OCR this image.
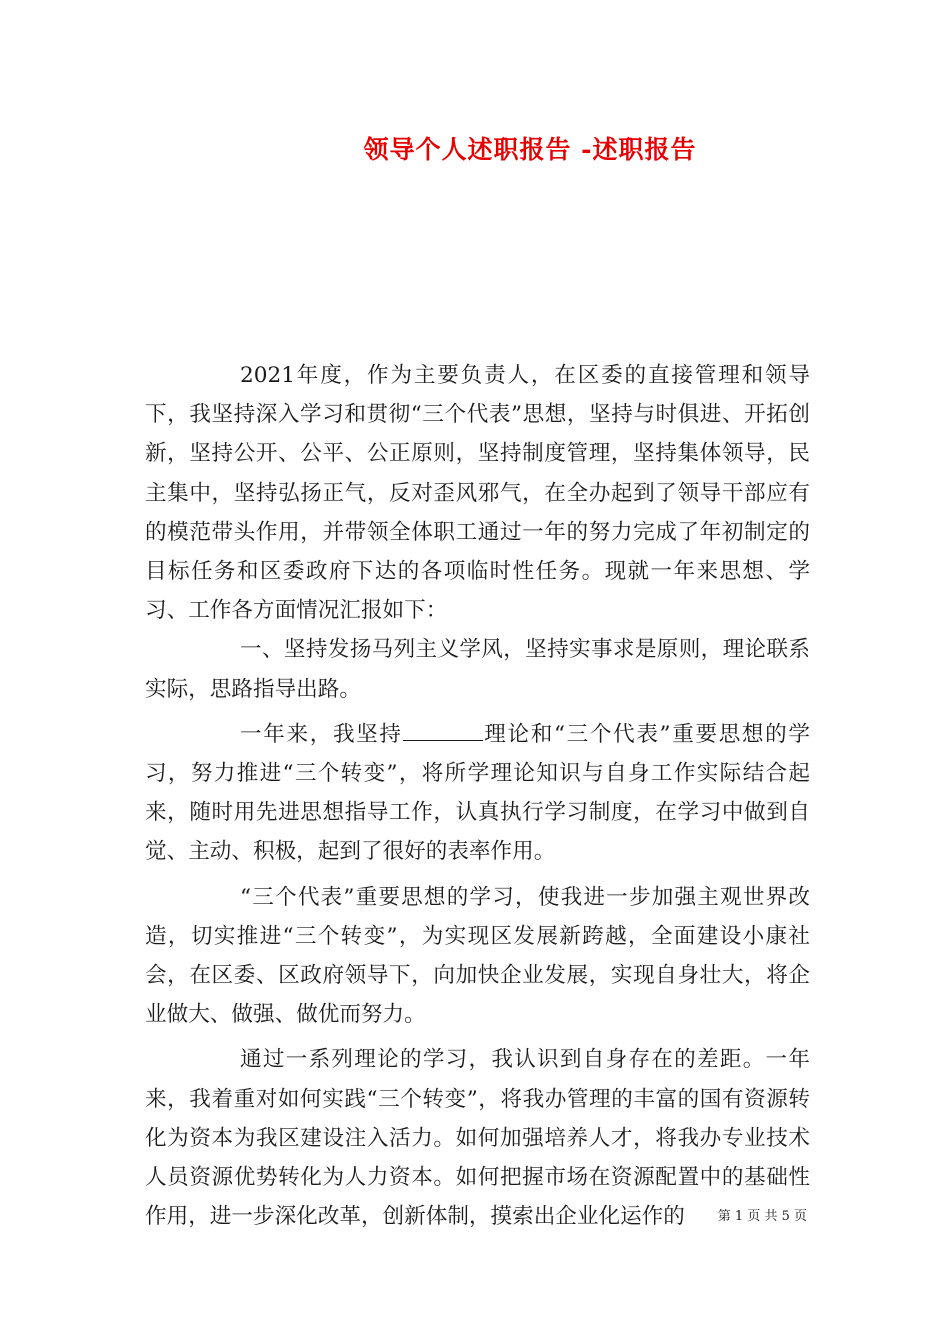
领导个人述职报告 -述职报告

2021年度，作为主要负责人，在区委的直接管理和领导下，我坚持深入学习和贯彻“三个代表”思想，坚持与时俱进、开拓创新，坚持公开、公平、公正原则，坚持制度管理，坚持集体领导，民主集中，坚持弘扬正气，反对歪风邪气，在全办起到了领导干部应有的模范带头作用，并带领全体职工通过一年的努力完成了年初制定的目标任务和区委政府下达的各项临时性任务。现就一年来思想、学习、工作各方面情况汇报如下：

一、坚持发扬马列主义学风，坚持实事求是原则，理论联系实际，思路指导出路。

一年来，我坚持	理论和“三个代表”重要思想的学习，努力推进“三个转变”，将所学理论知识与自身工作实际结合起来，随时用先进思想指导工作，认真执行学习制度，在学习中做到自觉、主动、积极，起到了很好的表率作用。

“三个代表”重要思想的学习，使我进一步加强主观世界改造，切实推进“三个转变”，为实现区发展新跨越，全面建设小康社会，在区委、区政府领导下，向加快企业发展，实现自身壮大，将企业做大、做强、做优而努力。

通过一系列理论的学习，我认识到自身存在的差距。一年来，我着重对如何实践“三个转变”，将我办管理的丰富的国有资源转化为资本为我区建设注入活力。如何加强培养人才，将我办专业技术人员资源优势转化为人力资本。如何把握市场在资源配置中的基础性作用，进一步深化改革，创新体制，摸索出企业化运作的	第 1 页 共 5 页
